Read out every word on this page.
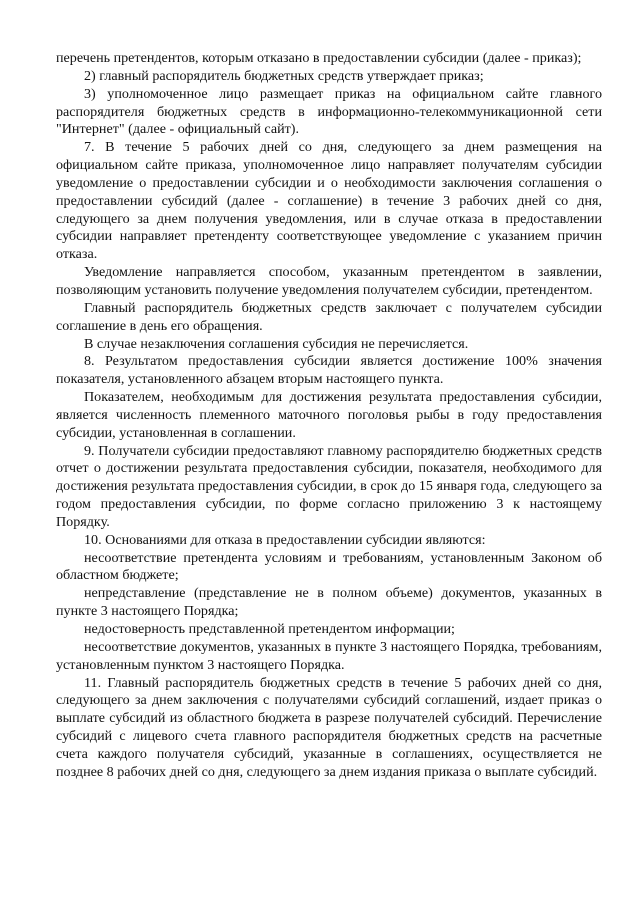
перечень претендентов, которым отказано в предоставлении субсидии (далее - приказ);

2) главный распорядитель бюджетных средств утверждает приказ;

3) уполномоченное лицо размещает приказ на официальном сайте главного распорядителя бюджетных средств в информационно-телекоммуникационной сети "Интернет" (далее - официальный сайт).

7. В течение 5 рабочих дней со дня, следующего за днем размещения на официальном сайте приказа, уполномоченное лицо направляет получателям субсидии уведомление о предоставлении субсидии и о необходимости заключения соглашения о предоставлении субсидий (далее - соглашение) в течение 3 рабочих дней со дня, следующего за днем получения уведомления, или в случае отказа в предоставлении субсидии направляет претенденту соответствующее уведомление с указанием причин отказа.

Уведомление направляется способом, указанным претендентом в заявлении, позволяющим установить получение уведомления получателем субсидии, претендентом.

Главный распорядитель бюджетных средств заключает с получателем субсидии соглашение в день его обращения.

В случае незаключения соглашения субсидия не перечисляется.

8. Результатом предоставления субсидии является достижение 100% значения показателя, установленного абзацем вторым настоящего пункта.

Показателем, необходимым для достижения результата предоставления субсидии, является численность племенного маточного поголовья рыбы в году предоставления субсидии, установленная в соглашении.

9. Получатели субсидии предоставляют главному распорядителю бюджетных средств отчет о достижении результата предоставления субсидии, показателя, необходимого для достижения результата предоставления субсидии, в срок до 15 января года, следующего за годом предоставления субсидии, по форме согласно приложению 3 к настоящему Порядку.

10. Основаниями для отказа в предоставлении субсидии являются:

несоответствие претендента условиям и требованиям, установленным Законом об областном бюджете;

непредставление (представление не в полном объеме) документов, указанных в пункте 3 настоящего Порядка;

недостоверность представленной претендентом информации;

несоответствие документов, указанных в пункте 3 настоящего Порядка, требованиям, установленным пунктом 3 настоящего Порядка.

11. Главный распорядитель бюджетных средств в течение 5 рабочих дней со дня, следующего за днем заключения с получателями субсидий соглашений, издает приказ о выплате субсидий из областного бюджета в разрезе получателей субсидий. Перечисление субсидий с лицевого счета главного распорядителя бюджетных средств на расчетные счета каждого получателя субсидий, указанные в соглашениях, осуществляется не позднее 8 рабочих дней со дня, следующего за днем издания приказа о выплате субсидий.
